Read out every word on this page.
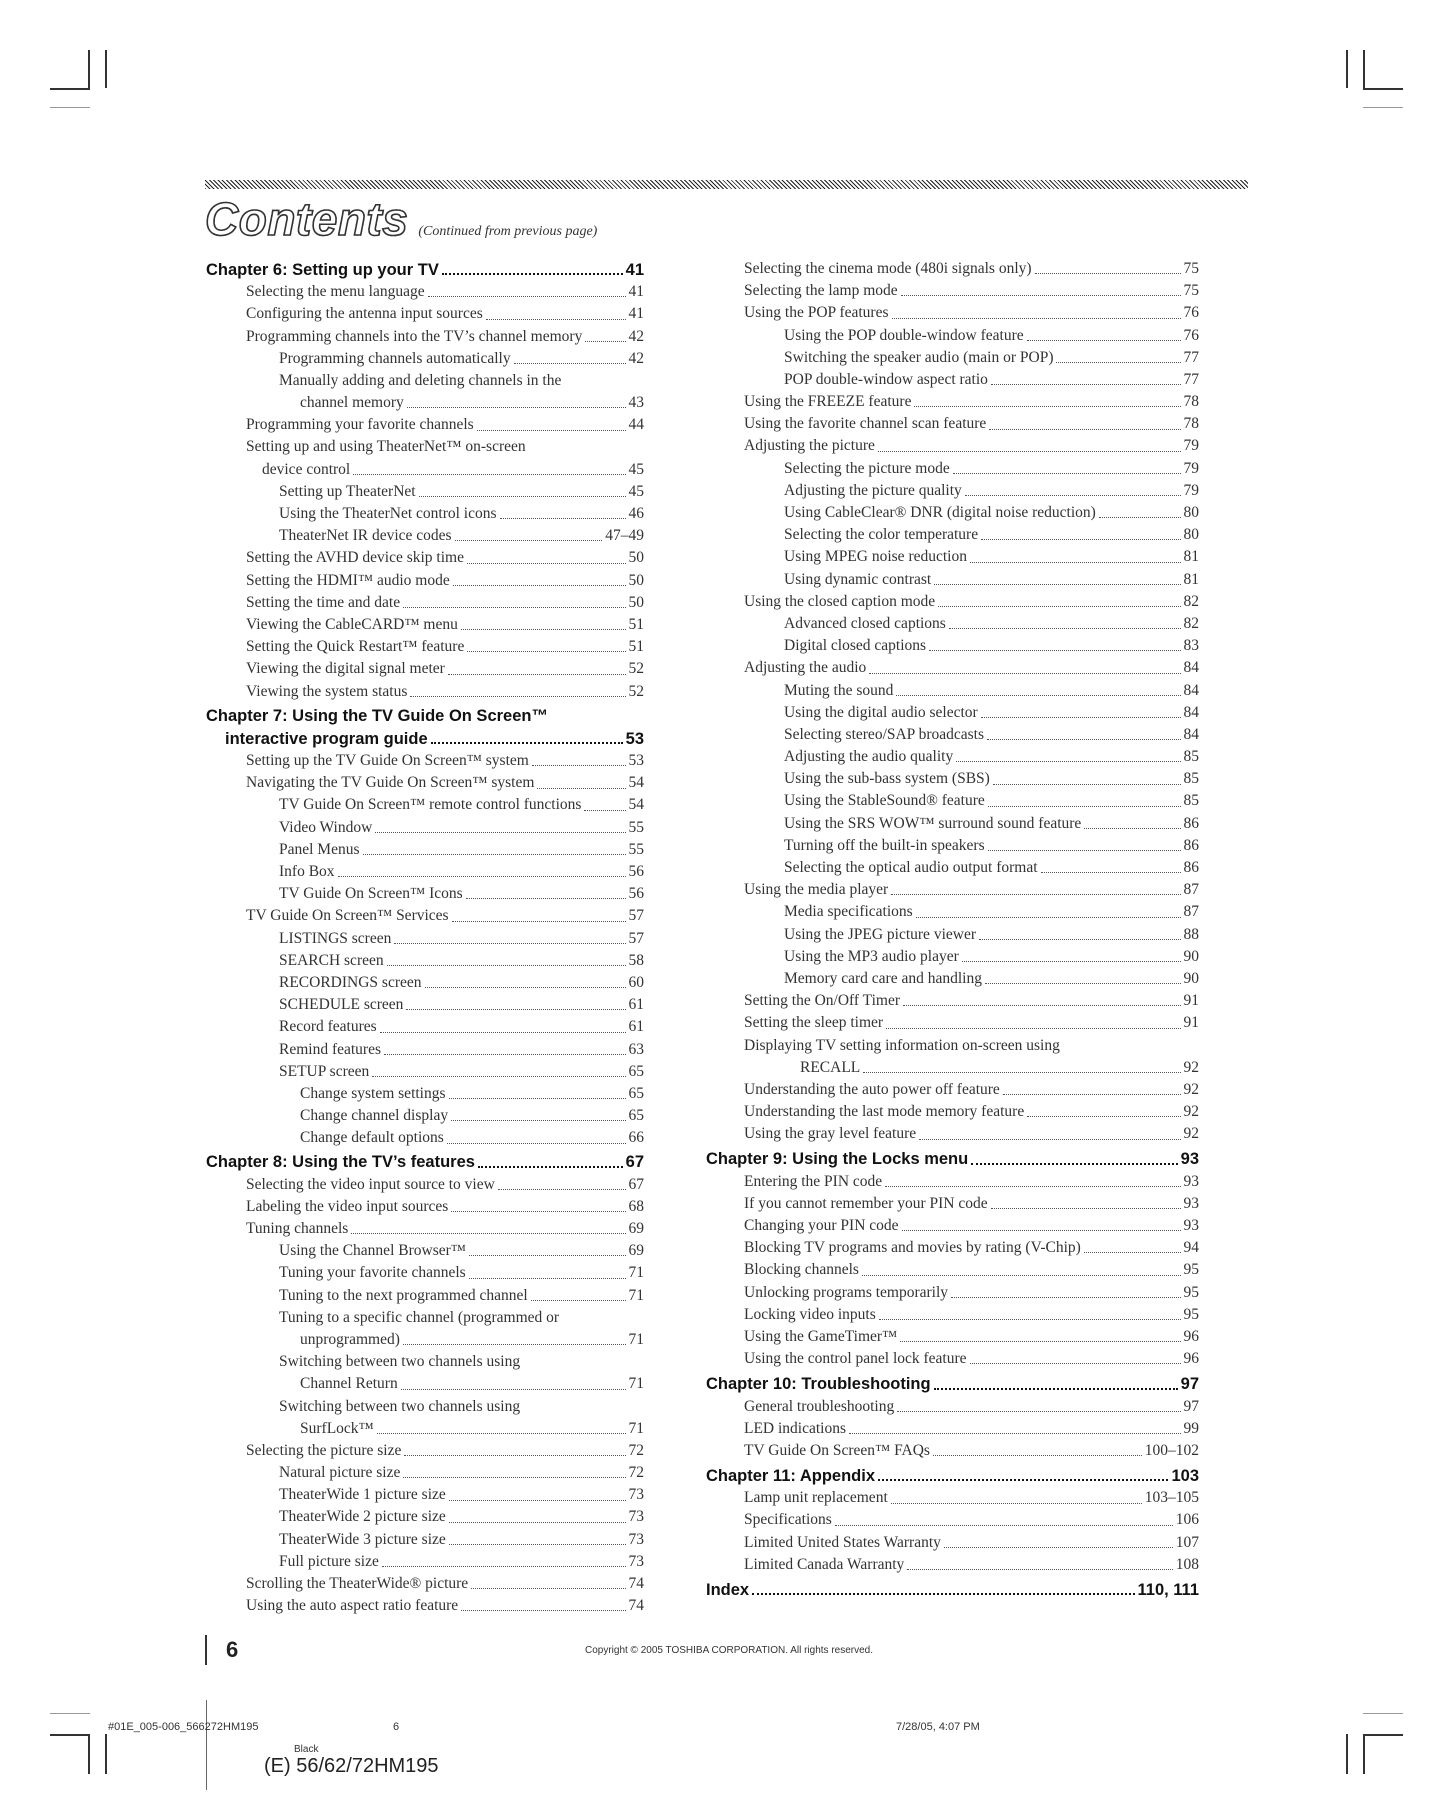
Contents (Continued from previous page)
Chapter 6: Setting up your TV	41
Selecting the menu language	41
Configuring the antenna input sources	41
Programming channels into the TV’s channel memory	42
Programming channels automatically	42
Manually adding and deleting channels in the
channel memory	43
Programming your favorite channels	44
Setting up and using TheaterNet™ on-screen
device control	45
Setting up TheaterNet	45
Using the TheaterNet control icons	46
TheaterNet IR device codes	47–49
Setting the AVHD device skip time	50
Setting the HDMI™ audio mode	50
Setting the time and date	50
Viewing the CableCARD™ menu	51
Setting the Quick Restart™ feature	51
Viewing the digital signal meter	52
Viewing the system status	52
Chapter 7: Using the TV Guide On Screen™
interactive program guide	53
Setting up the TV Guide On Screen™ system	53
Navigating the TV Guide On Screen™ system	54
TV Guide On Screen™ remote control functions	54
Video Window	55
Panel Menus	55
Info Box	56
TV Guide On Screen™ Icons	56
TV Guide On Screen™ Services	57
LISTINGS screen	57
SEARCH screen	58
RECORDINGS screen	60
SCHEDULE screen	61
Record features	61
Remind features	63
SETUP screen	65
Change system settings	65
Change channel display	65
Change default options	66
Chapter 8: Using the TV’s features	67
Selecting the video input source to view	67
Labeling the video input sources	68
Tuning channels	69
Using the Channel Browser™	69
Tuning your favorite channels	71
Tuning to the next programmed channel	71
Tuning to a specific channel (programmed or
unprogrammed)	71
Switching between two channels using
Channel Return	71
Switching between two channels using
SurfLock™	71
Selecting the picture size	72
Natural picture size	72
TheaterWide 1 picture size	73
TheaterWide 2 picture size	73
TheaterWide 3 picture size	73
Full picture size	73
Scrolling the TheaterWide® picture	74
Using the auto aspect ratio feature	74
Selecting the cinema mode (480i signals only)	75
Selecting the lamp mode	75
Using the POP features	76
Using the POP double-window feature	76
Switching the speaker audio (main or POP)	77
POP double-window aspect ratio	77
Using the FREEZE feature	78
Using the favorite channel scan feature	78
Adjusting the picture	79
Selecting the picture mode	79
Adjusting the picture quality	79
Using CableClear® DNR (digital noise reduction)	80
Selecting the color temperature	80
Using MPEG noise reduction	81
Using dynamic contrast	81
Using the closed caption mode	82
Advanced closed captions	82
Digital closed captions	83
Adjusting the audio	84
Muting the sound	84
Using the digital audio selector	84
Selecting stereo/SAP broadcasts	84
Adjusting the audio quality	85
Using the sub-bass system (SBS)	85
Using the StableSound® feature	85
Using the SRS WOW™ surround sound feature	86
Turning off the built-in speakers	86
Selecting the optical audio output format	86
Using the media player	87
Media specifications	87
Using the JPEG picture viewer	88
Using the MP3 audio player	90
Memory card care and handling	90
Setting the On/Off Timer	91
Setting the sleep timer	91
Displaying TV setting information on-screen using
RECALL	92
Understanding the auto power off feature	92
Understanding the last mode memory feature	92
Using the gray level feature	92
Chapter 9: Using the Locks menu	93
Entering the PIN code	93
If you cannot remember your PIN code	93
Changing your PIN code	93
Blocking TV programs and movies by rating (V-Chip)	94
Blocking channels	95
Unlocking programs temporarily	95
Locking video inputs	95
Using the GameTimer™	96
Using the control panel lock feature	96
Chapter 10: Troubleshooting	97
General troubleshooting	97
LED indications	99
TV Guide On Screen™ FAQs	100–102
Chapter 11: Appendix	103
Lamp unit replacement	103–105
Specifications	106
Limited United States Warranty	107
Limited Canada Warranty	108
Index	110, 111
6	Copyright © 2005 TOSHIBA CORPORATION. All rights reserved.
#01E_005-006_566272HM195	6	7/28/05, 4:07 PM
Black
(E) 56/62/72HM195
